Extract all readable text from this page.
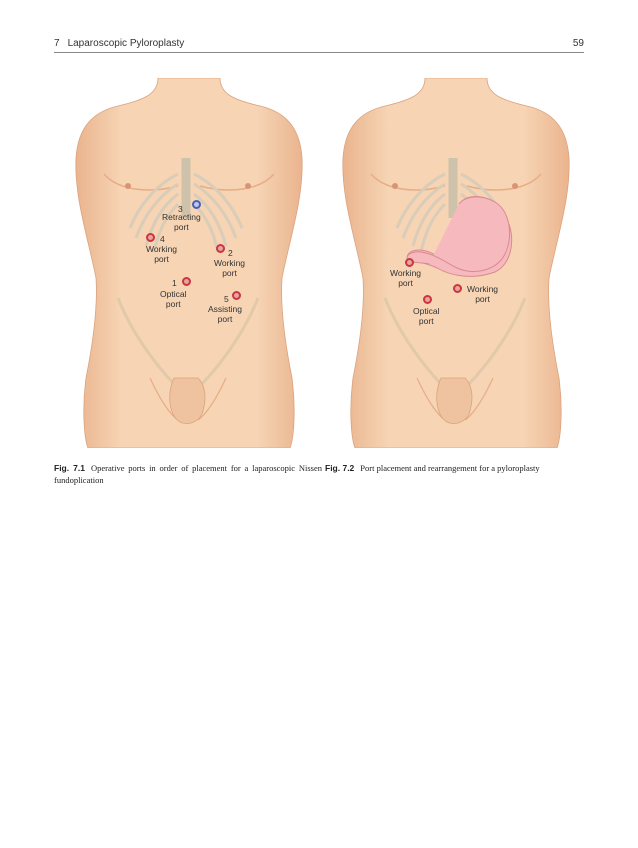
7 Laparoscopic Pyloroplasty	59
3
Retracting
port
4
Working
port
2
Working
port
1
Optical
port	5
Assisting
port
Working
port
Working
port
Optical
port
Fig. 7.1 Operative ports in order of placement for a laparoscopic Nissen fundoplication
Fig. 7.2 Port placement and rearrangement for a pyloroplasty
